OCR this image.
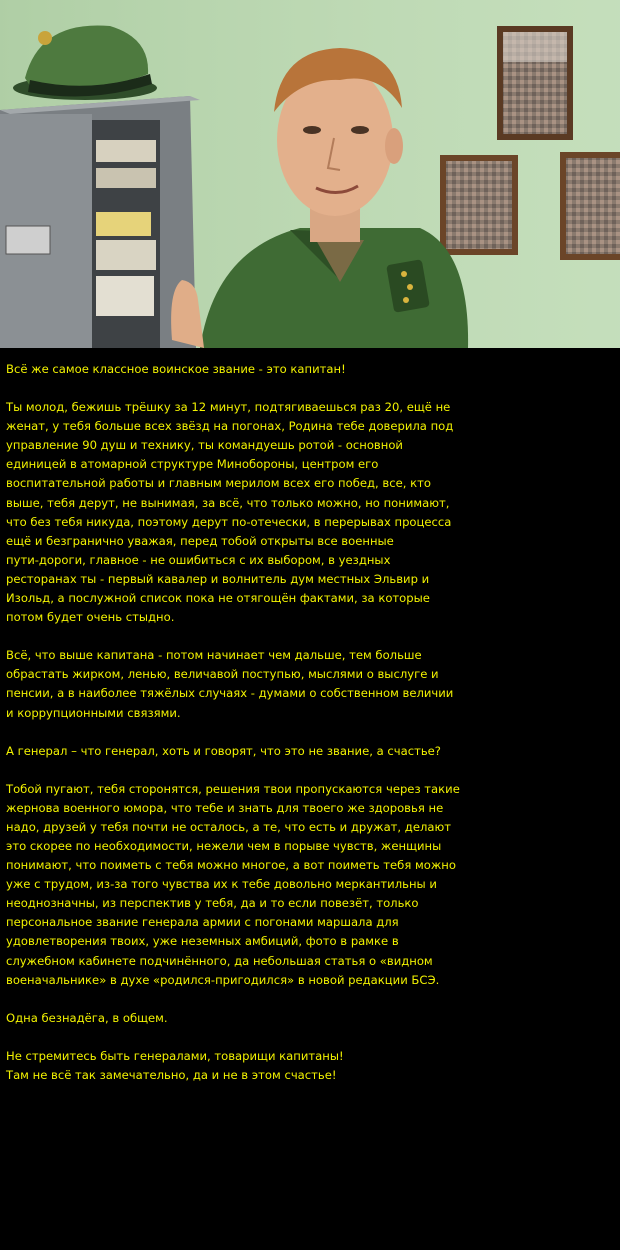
Всё же самое классное воинское звание - это капитан!

Ты молод, бежишь трёшку за 12 минут, подтягиваешься раз 20, ещё не

женат, у тебя больше всех звёзд на погонах, Родина тебе доверила под

управление 90 душ и технику, ты командуешь ротой - основной

единицей в атомарной структуре Минобороны, центром его

воспитательной работы и главным мерилом всех его побед, все, кто

выше, тебя дерут, не вынимая, за всё, что только можно, но понимают,

что без тебя никуда, поэтому дерут по-отечески, в перерывах процесса

ещё и безгранично уважая, перед тобой открыты все военные

пути-дороги, главное - не ошибиться с их выбором, в уездных

ресторанах ты - первый кавалер и волнитель дум местных Эльвир и

Изольд, а послужной список пока не отягощён фактами, за которые

потом будет очень стыдно.

Всё, что выше капитана - потом начинает чем дальше, тем больше

обрастать жирком, ленью, величавой поступью, мыслями о выслуге и

пенсии, а в наиболее тяжёлых случаях - думами о собственном величии

и коррупционными связями.

А генерал – что генерал, хоть и говорят, что это не звание, а счастье?

Тобой пугают, тебя сторонятся, решения твои пропускаются через такие

жернова военного юмора, что тебе и знать для твоего же здоровья не

надо, друзей у тебя почти не осталось, а те, что есть и дружат, делают

это скорее по необходимости, нежели чем в порыве чувств, женщины

понимают, что поиметь с тебя можно многое, а вот поиметь тебя можно

уже с трудом, из-за того чувства их к тебе довольно меркантильны и

неоднозначны, из перспектив у тебя, да и то если повезёт, только

персональное звание генерала армии с погонами маршала для

удовлетворения твоих, уже неземных амбиций, фото в рамке в

служебном кабинете подчинённого, да небольшая статья о «видном

военачальнике» в духе «родился-пригодился» в новой редакции БСЭ.

Одна безнадёга, в общем.

Не стремитесь быть генералами, товарищи капитаны!

Там не всё так замечательно, да и не в этом счастье!
